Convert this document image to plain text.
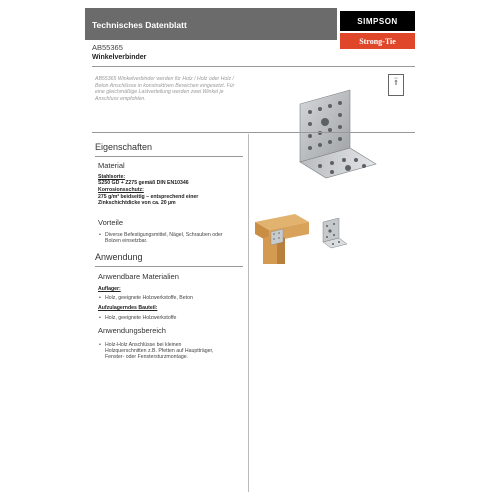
Technisches Datenblatt	SIMPSON
Strong-Tie
AB55365
Winkelverbinder
AB55365 Winkelverbinder werden für Holz / Holz oder Holz / Beton Anschlüsse in konstruktiven Bereichen eingesetzt. Für eine gleichmäßige Lastverteilung werden zwei Winkel je Anschluss empfohlen.
▭
⇑
Eigenschaften
Material
Stahlsorte:
S250 GD + Z275 gemäß DIN EN10346
Korrosionsschutz:
275 g/m² beidseitig – entsprechend einer
Zinkschichtdicke von ca. 20 µm
Vorteile
• Diverse Befestigungsmittel, Nägel, Schrauben oder
Bolzen einsetzbar.
Anwendung
Anwendbare Materialien
Auflager:
• Holz, geeignete Holzwerkstoffe, Beton
Aufzulagerndes Bauteil:
• Holz, geeignete Holzwerkstoffe
Anwendungsbereich
• Holz-Holz Anschlüsse bei kleinen
Holzquerschnitten z.B. Pfetten auf Hauptträger,
Fenster- oder Fenstersturzmontage.
